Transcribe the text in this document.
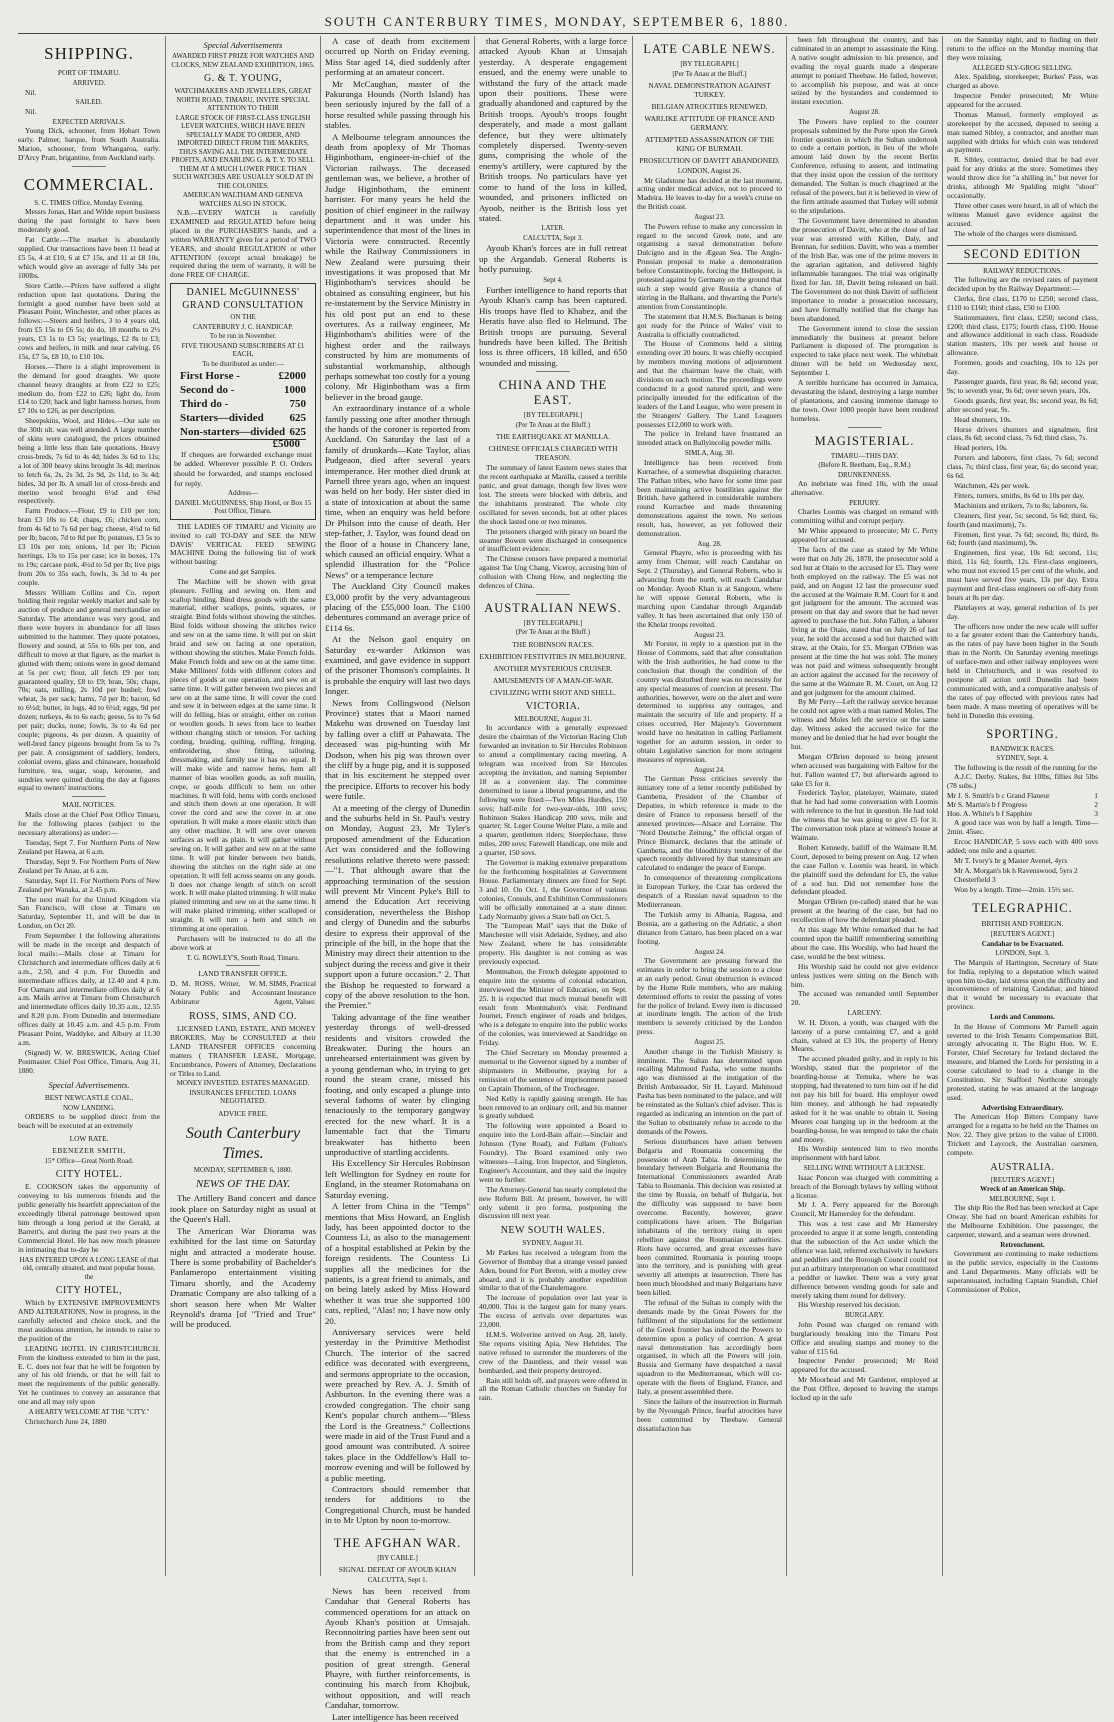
SOUTH CANTERBURY TIMES, MONDAY, SEPTEMBER 6, 1880.
SHIPPING.
PORT OF TIMARU.
ARRIVED.

Nil.

SAILED.

Nil.

EXPECTED ARRIVALS.

Young Dick, schooner, from Hobart Town early. Palmer, barque, from South Australia. Marion, schooner, from Whangaroa, early. D'Arcy Pratt, brigantine, from Auckland early.

COMMERCIAL.
S. C. TIMES Office, Monday Evening.

Messrs Jonas, Hart and Wilde report business during the past fortnight to have been moderately good.

Fat Cattle.—The market is abundantly supplied. Our transactions have been 11 head at £5 5s, 4 at £10, 6 at £7 15s, and 11 at £8 10s, which would give an average of fully 34s per 100lbs.

Store Cattle.—Prices have suffered a slight reduction upon last quotations. During the fortnight a good number have been sold at Pleasant Point, Winchester, and other places as follows:—Steers and heifers, 3 to 4 years old, from £5 15s to £6 5s; do do, 18 months to 2½ years, £3 1s to £3 5s; yearlings, £2 8s to £3; cows and heifers, in milk and near calving, £6 15s, £7 5s, £8 10, to £10 10s.

Horses.—There is a slight improvement in the demand for good draughts. We quote channel heavy draughts at from £22 to £25; medium do, from £22 to £26; light do, from £14 to £20; hack and light harness horses, from £7 10s to £26, as per description.

Sheepskins, Wool, and Hides.—Our sale on the 30th ult. was well attended. A large number of skins were catalogued, the prices obtained being a little less than late quotations. Heavy cross-breds, 7s 6d to 4s 4d; hides 3s 6d to 11s; a lot of 300 heavy skins brought 3s 4d; merinos to fetch 6s, 2s, 2s 3d, 2s 9d, 2s 11d, to 3s 4d; hides, 3d per lb. A small lot of cross-breds and merino wool brought 6½d and 6⅝d respectively.

Farm Produce.—Flour, £9 to £10 per ton; bran £3 10s to £4; chaps, £6; chicken corn, from 4s 6d to 7s 6d per bag; cheese, 4½d to 6d per lb; bacon, 7d to 8d per lb; potatoes, £3 5s to £3 10s per ton; onions, 1d per lb; Picton herrings, 13s to 15s per case; ice in boxes, 17s to 19s; carcase pork, 4½d to 5d per lb; live pigs from 20s to 35s each, fowls, 3s 3d to 4s per couple.

Messrs William Collins and Co. report holding their regular weekly market and sale by auction of produce and general merchandise on Saturday. The attendance was very good, and there were buyers in abundance for all lines submitted to the hammer. They quote potatoes, flowery and sound, at 55s to 60s per ton, and difficult to move at that figure, as the market is glutted with them; onions were in good demand at 5s per cwt; flour, all fetch £9 per ton; guaranteed quality, £8 to £9; bran, 50s; chaps, 70s; oats, milling, 2s 10d per bushel; fowl wheat, 3s per sack; hams, 7d per lb; bacon, 6d to 6½d; butter, in lugs, 4d to 6½d; eggs, 9d per dozen; turkeys, 4s to 6s each; geese, 5s to 7s 6d per pair; ducks, none; fowls, 3s to 4s 6d per couple; pigeons, 4s per dozen. A quantity of well-bred fancy pigeons brought from 5s to 7s per pair. A consignment of saddlery, lenders, colonial ovens, glass and chinaware, household furniture, tea, sugar, soap, kerosene, and sundries were quitted during the day at figures equal to owners' instructions.

MAIL NOTICES.

Mails close at the Chief Post Office Timaru, for the following places (subject to the necessary alterations) as under:—

Tuesday, Sept 7. For Northern Ports of New Zealand per Hawea, at 6 a.m.

Thursday, Sept 9. For Northern Ports of New Zealand per Te Anau, at 6 a.m.

Saturday, Sept 11. For Northern Ports of New Zealand per Wanaka, at 2.45 p.m.

The next mail for the United Kingdom via San Francisco, will close at Timaru on Saturday, September 11, and will be due in London, on Oct 20.

From September 1 the following alterations will be made in the receipt and despatch of local mails:—Mails close at Timaru for Christchurch and intermediate offices daily at 6 a.m., 2.50, and 4 p.m. For Dunedin and intermediate offices daily, at 12.40 and 4 p.m. For Oamaru and intermediate offices daily at 6 a.m. Mails arrive at Timaru from Christchurch and intermediate offices daily 10.35 a.m., 12.55 and 8.20 p.m. From Dunedin and intermediate offices daily at 10.45 a.m. and 4.5 p.m. From Pleasant Point, Waddyke, and Albury at 11.30 a.m.

(Signed) W. W. BRESWICK, Acting Chief Postmaster. Chief Post Office, Timaru, Aug 31, 1880.

Special Advertisements.
BEST NEWCASTLE COAL,
NOW LANDING.

ORDERS to be supplied direct from the beach will be executed at an extremely

LOW RATE.
EBENEZER SMITH,
15* Office—Great North Road.
CITY HOTEL.

E. COOKSON takes the opportunity of conveying to his numerous friends and the public generally his heartfelt appreciation of the exceedingly liberal patronage bestowed upon him through a long period at the Gerald, at Barrett's, and during the past two years at the Commercial Hotel. He has now much pleasure in intimating that to-day he

HAS ENTERED UPON A LONG LEASE of that old, centrally situated, and most popular house, the
CITY HOTEL,

Which by EXTENSIVE IMPROVEMENTS AND ALTERATIONS, Now in progress, in the carefully selected and choice stock, and the most assiduous attention, he intends to raise to the position of the

LEADING HOTEL IN CHRISTCHURCH. From the kindness extended to him in the past, E. C. does not fear that he will be forgotten by any of his old friends, or that he will fail to meet the requirements of the public generally. Yet he continues to convey an assurance that one and all may rely upon

A HEARTY WELCOME AT THE "CITY."

Christchurch June 24, 1880

Special Advertisements
AWARDED FIRST PRIZE FOR WATCHES AND CLOCKS, NEW ZEALAND EXHIBITION, 1865.
G. & T. YOUNG,
WATCHMAKERS AND JEWELLERS, GREAT NORTH ROAD, TIMARU, INVITE SPECIAL ATTENTION TO THEIR
LARGE STOCK OF FIRST-CLASS ENGLISH LEVER WATCHES, WHICH HAVE BEEN SPECIALLY MADE TO ORDER, AND IMPORTED DIRECT FROM THE MAKERS, THUS SAVING ALL THE INTERMEDIATE PROFITS, AND ENABLING G. & T. Y. TO SELL THEM AT A MUCH LOWER PRICE THAN SUCH WATCHES ARE USUALLY SOLD AT IN THE COLONIES.
AMERICAN WALTHAM AND GENEVA WATCHES ALSO IN STOCK.

N.B.—EVERY WATCH is carefully EXAMINED and REGULATED before being placed in the PURCHASER'S hands, and a written WARRANTY given for a period of TWO YEARS, and should REGULATION or other ATTENTION (except actual breakage) be required during the term of warranty, it will be done FREE OF CHARGE.

DANIEL McGUINNESS'
GRAND CONSULTATION
ON THE
CANTERBURY J. C. HANDICAP.
To be run in November.
FIVE THOUSAND SUBSCRIBERS AT £1 EACH,
To be distributed as under:—
First Horse -	£2000
Second do -	1000
Third do -	750
Starters—divided 625
Non-starters—divided 625
£5000

If cheques are forwarded exchange must be added. Wherever possible P. O. Orders should be forwarded, and stamps enclosed for reply.

Address—
DANIEL McGUINNESS, Ship Hotel, or Box 15 Post Office, Timaru.

THE LADIES OF TIMARU and Vicinity are invited to call TO-DAY and SEE the NEW DAVIS' VERTICAL FEED SEWING MACHINE Doing the following list of work without basting:

Come and get Samples.

The Machine will be shown with great pleasure. Felling and sewing on. Hem and scallop binding. Bind dress goods with the same material, either scallops, points, squares, or straight. Bind folds without showing the stitches. Bind folds without showing the stitches twice and sew on at the same time. It will put on skirt braid and sew on facing at one operation, without showing the stitches. Make French folds. Make French folds and sew on at the same time. Make Milliners' folds with different colors and pieces of goods at one operation, and sew on at same time. It will gather between two pieces and sew on at the same time. It will cover the cord and sew it in between edges at the same time. It will do felling, bias or straight, either on cotton or woollen goods. It sews from lace to leather without changing stitch or tension. For tacking cording, braiding, quilting, ruffling, fringing, embroidering, shoe fitting, tailoring, dressmaking, and family use it has no equal. It will make wide and narrow hems, hem all manner of bias woollen goods, as soft muslin, crepe, or goods difficult to hem on other machines. It will fold, hems with cords enclosed and stitch them down at one operation. It will cover the cord and sew the cover in at one operation. It will make a more elastic stitch than any other machine. It will sew over uneven surfaces as well as plain. It will gather without sewing on. It will gather and sew on at the same time. It will put binder between two bands, showing the stitches on the right side at one operation. It will fell across seams on any goods. It does not change length of stitch on scroll work. It will make plaited trimming. It will make plaited trimming and sew on at the same time. It will make plaited trimming, either scalloped or straight. It will turn a hem and stitch on trimming at one operation.

Purchasers will be instructed to do all the above work at

T. G. ROWLEY'S, South Road, Timaru.
LAND TRANSFER OFFICE.
D. M. ROSS, Writer, Notary Public and Arbitrator
W. M. SIMS, Practical Accountant Insurance Agent, Valuer.
ROSS, SIMS, AND CO.

LICENSED LAND, ESTATE, AND MONEY BROKERS, May be CONSULTED at their LAND TRANSFER OFFICES concerning matters ( TRANSFER LEASE, Mortgage, Encumbrance, Powers of Attorney, Declarations or Titles to Land.

MONEY INVESTED. ESTATES MANAGED.
INSURANCES EFFECTED. LOANS NEGOTIATED.
ADVICE FREE.
South Canterbury Times.
MONDAY, SEPTEMBER 6, 1880.
NEWS OF THE DAY.

The Artillery Band concert and dance took place on Saturday night as usual at the Queen's Hall.

The American War Diorama was exhibited for the last time on Saturday night and attracted a moderate house. There is some probability of Bachelder's Panlameropo entertainment visiting Timaru shortly, and the Academy Dramatic Company are also talking of a short season here when Mr Walter Reynold's drama [of "Tried and True" will be produced.

A case of death from excitement occurred up North on Friday evening. Miss Star aged 14, died suddenly after performing at an amateur concert.

Mr McCaughan, master of the Pakuranga Hounds (North Island) has been seriously injured by the fall of a horse resulted while passing through his stables.

A Melbourne telegram announces the death from apoplexy of Mr Thomas Higinbotham, engineer-in-chief of the Victorian railways. The deceased gentleman was, we believe, a brother of Judge Higinbotham, the eminent barrister. For many years he held the position of chief engineer in the railway department and it was under his superintendence that most of the lines in Victoria were constructed. Recently while the Railway Commissioners in New Zealand were pursuing their investigations it was proposed that Mr Higinbotham's services should be obtained as consulting engineer, but his re-instatement by the Service Ministry in his old post put an end to these overtures. As a railway engineer, Mr Higinbotham's abilities were of the highest order and the railways constructed by him are monuments of substantial workmanship, although perhaps somewhat too costly for a young colony. Mr Higinbotham was a firm believer in the broad gauge.

An extraordinary instance of a whole family passing one after another through the hands of the coroner is reported from Auckland. On Saturday the last of a family of drunkards—Kate Taylor, alias Pudgeaon, died after several years intemperance. Her mother died drunk at Parnell three years ago, when an inquest was held on her body. Her sister died in a state of intoxication at about the same time, when an enquiry was held before Dr Philson into the cause of death. Her step-father, J. Taylor, was found dead on the floor of a house in Chancery lane, which caused an official enquiry. What a splendid illustration for the "Police News" or a temperance lecture

The Auckland City Council makes £3,000 profit by the very advantageous placing of the £55,000 loan. The £100 debentures command an average price of £114 6s.

At the Nelson gaol enquiry on Saturday ex-warder Atkinson was examined, and gave evidence in support of the prisoner Thomson's complaints. It is probable the enquiry will last two days longer.

News from Collingwood (Nelson Province) states that a Maori named Makehu was drowned on Tuesday last by falling over a cliff at Pahawata. The deceased was pig-hunting with Mr Dodson, when his pig was thrown over the cliff by a huge pig, and it is supposed that in his excitement he stepped over the precipice. Efforts to recover his body were futile.

At a meeting of the clergy of Dunedin and the suburbs held in St. Paul's vestry on Monday, August 23, Mr Tyler's proposed amendment of the Education Act was considered and the following resolutions relative thereto were passed:—"1. That although aware that the approaching termination of the session will prevent Mr Vincent Pyke's Bill to amend the Education Act receiving consideration, nevertheless the Bishop and clergy of Dunedin and the suburbs desire to express their approval of the principle of the bill, in the hope that the Ministry may direct their attention to the subject during the recess and give it their support upon a future occasion." 2. That the Bishop be requested to forward a copy of the above resolution to the hon. the Premier."

Taking advantage of the fine weather yesterday throngs of well-dressed residents and visitors crowded the Breakwater. During the hours an unrehearsed entertainment was given by a young gentleman who, in trying to get round the steam crane, missed his footing, and only escaped a plunge into several fathoms of water by clinging tenaciously to the temporary gangway erected for the new wharf. It is a lamentable fact that the Timaru breakwater has hitherto been unproductive of startling accidents.

His Excellency Sir Hercules Robinson left Wellington for Sydney en route for England, in the steamer Rotomahana on Saturday evening.

A letter from China in the "Temps" mentions that Miss Howard, an English lady, has been appointed doctor to the Countess Li, as also to the management of a hospital established at Pekin by the foreign residents. The Countess Li supplies all the medicines for the patients, is a great friend to animals, and on being lately asked by Miss Howard whether it was true she supported 100 cats, replied, "Alas! no; I have now only 20.

Anniversary services were held yesterday in the Primitive Methodist Church. The interior of the sacred edifice was decorated with evergreens, and sermons appropriate to the occasion, were preached by Rev. A. J. Smith of Ashburton. In the evening there was a crowded congregation. The choir sang Kent's popular church anthem—"Bless the Lord is the Greatness." Collections were made in aid of the Trust Fund and a good amount was contributed. A soiree takes place in the Oddfellow's Hall to-morrow evening and will be followed by a public meeting.

Contractors should remember that tenders for additions to the Congregational Church, must be handed in to Mr Upton by noon to-morrow.

THE AFGHAN WAR.
[BY CABLE.]
SIGNAL DEFEAT OF AYOUB KHAN
CALCUTTA, Sept 1.

News has been received from Candahar that General Roberts has commenced operations for an attack on Ayoub Khan's position at Umsajah. Reconnoitring parties have been sent out from the British camp and they report that the enemy is entrenched in a position of great strength. General Phayre, with further reinforcements, is continuing his march from Khojbuk, without opposition, and will reach Candahar, tomorrow.

Later intelligence has been received

that General Roberts, with a large force attacked Ayoub Khan at Umsajah yesterday. A desperate engagement ensued, and the enemy were unable to withstand the fury of the attack made upon their positions. These were gradually abandoned and captured by the British troops. Ayoub's troops fought desperately, and made a most gallant defence, but they were ultimately completely dispersed. Twenty-seven guns, comprising the whole of the enemy's artillery, were captured by the British troops. No particulars have yet come to hand of the loss in killed, wounded, and prisoners inflicted on Ayoob, neither is the British loss yet stated.

LATER.
CALCUTTA, Sept 3.

Ayoub Khan's forces are in full retreat up the Argandab. General Roberts is hotly pursuing.

Sept 4.

Further intelligence to hand reports that Ayoub Khan's camp has been captured. His troops have fled to Khabez, and the Heratis have also fled to Helmund. The British troops are pursuing. Several hundreds have been killed. The British loss is three officers, 18 killed, and 650 wounded and missing.

CHINA AND THE EAST.
[BY TELEGRAPH.]
(Per Te Anau at the Bluff.)
THE EARTHQUAKE AT MANILLA.
CHINESE OFFICIALS CHARGED WITH TREASON.

The summary of latest Eastern news states that the recent earthquake at Manilla, caused a terrible panic, and great damage, though few lives were lost. The streets were blocked with débris, and the inhabitants prostrated. The whole city oscillated for seven seconds, but at other places the shock lasted one or two minutes.

The prisoners charged with piracy on board the steamer Bowen were discharged in consequence of insufficient evidence.

The Chinese censors have prepared a memorial against Tse Ung Chang, Viceroy, accusing him of collusion with Chung How, and neglecting the defences of China.

AUSTRALIAN NEWS.
[BY TELEGRAPH.]
(Per Te Anau at the Bluff.)
THE ROBINSON RACES.
EXHIBITION FESTIVITIES IN MELBOURNE.
ANOTHER MYSTERIOUS CRUISER.
AMUSEMENTS OF A MAN-OF-WAR.
CIVILIZING WITH SHOT AND SHELL.
VICTORIA.
MELBOURNE, August 31.

In accordance with a generally expressed desire the chairman of the Victorian Racing Club forwarded an invitation to Sir Hercules Robinson to attend a complimentary racing meeting. A telegram was received from Sir Hercules accepting the invitation, and naming September 18 as a convenient day. The committee determined to issue a liberal programme, and the following were fixed:—Two Miles Hurdles, 150 sovs; half-mile for two-year-olds, 100 sovs; Robinson Stakes Handicap 200 sovs, mile and quarter; St. Leger Course Welter Plate, a mile and a quarter, gentlemen riders; Steeplechase, three miles, 200 sovs; Farewell Handicap, one mile and a quarter, 150 sovs.

The Governor is making extensive preparations for the forthcoming hospitalities at Government House. Parliamentary dinners are fixed for Sept. 3 and 10. On Oct. 1, the Governor of various colonies, Consuls, and Exhibition Commissioners will be officially entertained at a state dinner. Lady Normanby gives a State ball on Oct. 5.

The "European Mail" says that the Duke of Manchester will visit Adelaide, Sydney, and also New Zealand, where he has considerable property. His daughter is not coming as was previously expected.

Montmahon, the French delegate appointed to enquire into the systems of colonial education, interviewed the Minister of Education, on Sept. 25. It is expected that much mutual benefit will result from Montmahon's visit. Ferdinand Journet, French engineer of roads and bridges, who is a delegate to enquire into the public works of the colonies, was interviewed at Sandridge on Friday.

The Chief Secretary on Monday presented a memorial to the Governor signed by a number of shipmasters in Melbourne, praying for a remission of the sentence of imprisonment passed on Captain Thomson, of the Trocheagee.

Ned Kelly is rapidly gaining strength. He has been removed to an ordinary cell, and his manner is greatly subdued.

The following were appointed a Board to enquire into the Lord-Bain affair:—Sinclair and Johnson (Tyne Road), and Fullam (Fulton's Foundry). The Board examined only two witnesses—Laing, Iron Inspector, and Singleton, Engineer's Accountant, and they said the inquiry went no further.

The Attorney-General has nearly completed the new Reform Bill. At present, however, he will only submit it pro forma, postponing the discussion till next year.

NEW SOUTH WALES.
SYDNEY, August 31.

Mr Parkes has received a telegram from the Governor of Bombay that a strange vessel passed Aden, bound for Port Breton, with a motley crew aboard, and it is probably another expedition similar to that of the Chandernagore.

The increase of population over last year is 40,000. This is the largest gain for many years. The excess of arrivals over departures was 23,000.

H.M.S. Wolverine arrived on Aug. 28, lately. She reports visiting Apia, New Hebrides. The native refused to surrender the murderers of the crew of the Dauntless, and their vessel was bombarded, and their property destroyed.

Rain still holds off, and prayers were offered in all the Roman Catholic churches on Sunday for rain.

LATE CABLE NEWS.
[BY TELEGRAPH.]
[Per Te Anau at the Bluff.]
NAVAL DEMONSTRATION AGAINST TURKEY.
BELGIAN ATROCITIES RENEWED.
WARLIKE ATTITUDE OF FRANCE AND GERMANY.
ATTEMPTED ASSASSINATION OF THE KING OF BURMAH.
PROSECUTION OF DAVITT ABANDONED.
LONDON, August 26.

Mr Gladstone has decided at the last moment, acting under medical advice, not to proceed to Madeira. He leaves to-day for a week's cruise on the British coast.

August 23.

The Powers refuse to make any concession in regard to the second Greek note, and are organising a naval demonstration before Dulcigno and in the Ægean Sea. The Anglo-Prussian proposal to make a demonstration before Constantinople, forcing the Hellespont, is protested against by Germany on the ground that such a step would give Russia a chance of stirring in the Balkans, and thwarting the Porte's attention from Constantinople.

The statement that H.M.S. Buchanan is being got ready for the Prince of Wales' visit to Australia is officially contradicted.

The House of Commons held a sitting extending over 20 hours. It was chiefly occupied by members moving motions of adjournment and that the chairman leave the chair, with divisions on each motion. The proceedings were conducted in a good natured spirit, and were principally intended for the edification of the leaders of the Land League, who were present in the Strangers' Gallery. The Land Leaguers possesses £12,000 to work with.

The police in Ireland have frustrated an intended attack on Ballyincolig powder mills.

SIMLA, Aug. 30.

Intelligence has been received from Kurrachee, of a somewhat disquieting character. The Pathan tribes, who have for some time past been maintaining active hostilities against the British, have gathered in considerable numbers round Kurrachee and made threatening demonstrations against the town. No serious result, has, however, as yet followed their demonstration.

Aug. 28.

General Phayre, who is proceeding with his army from Chemur, will reach Candahar on Sept. 2 (Thursday), and General Roberts, who is advancing from the north, will reach Candahar on Monday. Ayoob Khan is at Sangoun, where he will oppose General Roberts, who is marching upon Candahar through Argandab valley. It has been ascertained that only 150 of the Khelat troops revolted.

August 23.

Mr Forster, in reply to a question put in the House of Commons, said that after consultation with the Irish authorities, he had come to the conclusion that though the condition of the country was disturbed there was no necessity for any special measures of coercion at present. The authorities, however, were on the alert and were determined to suppress any outrages, and maintain the security of life and property. If a crises occurred, Her Majesty's Government would have no hesitation in calling Parliament together for an autumn session, in order to obtain Legislative sanction for more stringent measures of repression.

August 24.

The German Press criticises severely the initiatory tone of a letter recently published by Gambetta, President of the Chamber of Deputies, in which reference is made to the desire of France to repossess herself of the annexed provinces—Alsace and Lorraine. The "Nord Deutsche Zeitung," the official organ of Prince Bismarck, declares that the attitude of Gambetta, and the bloodthirsty tendency of the speech recently delivered by that statesman are calculated to endanger the peace of Europe.

In consequence of threatening complications in European Turkey, the Czar has ordered the despatch of a Russian naval squadron to the Mediterranean.

The Turkish army in Albania, Ragusa, and Bosnia, are a gathering on the Adriatic, a short distance from Cattaro, has been placed on a war footing.

August 24.

The Government are pressing forward the estimates in order to bring the session to a close at an early period. Great obstruction is evinced by the Home Rule members, who are making determined efforts to resist the passing of votes for the police of Ireland. Every item is discussed at inordinate length. The action of the Irish members is severely criticised by the London press.

August 25.

Another change in the Turkish Ministry is imminent. The Sultan has determined upon recalling Mahmoud Pasha, who some months ago was dismissed at the instigation of the British Ambassador, Sir H. Layard. Mahmoud Pasha has been nominated to the palace, and will be reinstated as the Sultan's chief adviser. This is regarded as indicating an intention on the part of the Sultan to obstinately refuse to accede to the demands of the Powers.

Serious disturbances have arisen between Bulgaria and Roumania concerning the possession of Arab Tabia. In determining the boundary between Bulgaria and Roumania the International Commissioners awarded Arab Tabia to Roumania. This decision was resisted at the time by Russia, on behalf of Bulgaria, but the difficulty was supposed to have been overcome. Recently, however, grave complications have arisen. The Bulgarian inhabitants of the territory rising in open rebellion against the Roumanian authorities. Riots have occurred, and great excesses have been committed. Roumania is pouring troops into the territory, and is punishing with great severity all attempts at insurrection. There has been much bloodshed and many Bulgarians have been killed.

The refusal of the Sultan to comply with the demands made by the Great Powers for the fulfilment of the stipulations for the settlement of the Greek frontier has induced the Powers to determine upon a policy of coercion. A great naval demonstration has accordingly been organised, in which all the Powers will join. Russia and Germany have despatched a naval squadron to the Mediterranean, which will co-operate with the fleets of England, France, and Italy, at present assembled there.

Since the failure of the insurrection in Burmah by the Nyoungah Prince, fearful atrocities have been committed by Theebaw. General dissatisfaction has

been felt throughout the country, and has culminated in an attempt to assassinate the King. A native sought admission to his presence, and evading the royal guards made a desperate attempt to poniard Theebaw. He failed, however, to accomplish his purpose, and was at once seized by the bystanders and condemned to instant execution.

August 28.

The Powers have replied to the counter proposals submitted by the Porte upon the Greek frontier question in which the Sultan undertook to cede a certain portion, in lieu of the whole amount laid down by the recent Berlin Conference, refusing to assent, and intimating that they insist upon the cession of the territory demanded. The Sultan is much chagrined at the refusal of the powers, but it is believed in view of the firm attitude assumed that Turkey will submit to the stipulations.

The Government have determined to abandon the prosecution of Davitt, who at the close of last year was arrested with Killen, Daly, and Brennan, for sedition. Davitt, who was a member of the Irish Bar, was one of the prime movers in the agrarian agitation, and delivered highly inflammable harangues. The trial was originally fixed for Jan. 18, Davitt being released on bail. The Government do not think Davitt of sufficient importance to render a prosecution necessary, and have formally notified that the charge has been abandoned.

The Government intend to close the session immediately the business at present before Parliament is disposed of. The prorogation is expected to take place next week. The whitebait dinner will be held on Wednesday next, September 1.

A terrible hurricane has occurred in Jamaica, devastating the island, destroying a large number of plantations, and causing immense damage to the town. Over 1000 people have been rendered homeless.

MAGISTERIAL.
TIMARU—THIS DAY.
(Before R. Beetham, Esq., R.M.)
DRUNKENNESS.

An inebriate was fined 10s, with the usual alternative.

PERJURY.

Charles Loomis was charged on remand with committing wilful and corrupt perjury.

Mr White appeared to prosecute; Mr C. Perry appeared for accused.

The facts of the case as stated by Mr White were that on July 26, 1878, the prosecutor sold a sod hut at Otaio to the accused for £5. They were both employed on the railway. The £5 was not paid, and on August 12 last the prosecutor sued the accused at the Waimate R.M. Court for it and got judgment for the amount. The accused was present on that day and swore that he had never agreed to purchase the hut. John Fallon, a laborer living at the Otaio, stated that on July 26 of last year, he sold the accused a sod hut thatched with straw, at the Otaio, for £5. Morgan O'Brien was present at the time the hut was sold. The money was not paid and witness subsequently brought an action against the accused for the recovery of the same at the Waimate R. M. Court, on Aug 12 and got judgment for the amount claimed.

By Mr Perry—Left the railway service because he could not agree with a man named Moles. The witness and Moles left the service on the same day. Witness asked the accused twice for the money and he denied that he had ever bought the hut.

Morgan O'Brien deposed to being present when accused was bargaining with Fallow for the hut. Fallon wanted £7, but afterwards agreed to take £5 for it.

Frederick Taylor, platelayer, Waimate, stated that he had had some conversation with Loomis with reference to the hut in question. He had told the witness that he was going to give £5 for it. The conversation took place at witness's house at Waimate.

Robert Kennedy, bailiff of the Waimate R.M. Court, deposed to being present on Aug. 12 when the case Fallon v. Loomis was heard, in which the plaintiff sued the defendant for £5, the value of a sod hut. Did not remember how the defendant pleaded.

Morgan O'Brien (re-called) stated that he was present at the hearing of the case, but had no recollection of how the defendant pleaded.

At this stage Mr White remarked that he had counted upon the bailiff remembering something about the case. His Worship, who had heard the case, would be the best witness.

His Worship said he could not give evidence unless justices were sitting on the Bench with him.

The accused was remanded until September 20.

LARCENY.

W. H. Dixon, a youth, was charged with the larceny of a purse containing £7, and a gold chain, valued at £3 10s, the property of Henry Meares.

The accused pleaded guilty, and in reply to his Worship, stated that the proprietor of the boarding-house at Temuka, where he was stopping, had threatened to turn him out if he did not pay his bill for board. His employer owed him money, and although he had repeatedly asked for it he was unable to obtain it. Seeing Meares coat hanging up in the bedroom at the boarding-house, he was tempted to take the chain and money.

His Worship sentenced him to two months imprisonment with hard labor.

SELLING WINE WITHOUT A LICENSE.

Isaac Poncon was charged with committing a breach of the Borough bylaws by selling without a license.

Mr J. A. Perry appeared for the Borough Council, Mr Hamersley for the defendant.

This was a test case and Mr Hamersley proceeded to argue it at some length, contending that the subsection of the Act under which the offence was laid, referred exclusively to hawkers and peddlers and the Borough Council could not put an arbitrary interpretation on what constituted a peddler or hawker. There was a very great difference between vending goods for sale and merely taking them round for delivery.

His Worship reserved his decision.

BURGLARY.

John Pound was charged on remand with burglariously breaking into the Timaru Post Office and stealing stamps and money to the value of £15 6d.

Inspector Pender prosecuted; Mr Reid appeared for the accused.

Mr Moorhead and Mr Gardener, employed at the Post Office, deposed to leaving the stamps locked up in the safe

on the Saturday night, and to finding on their return to the office on the Monday morning that they were missing.

ALLEGED SLY-GROG SELLING.

Alex. Spalding, storekeeper, Burkes' Pass, was charged as above.

Inspector Pender prosecuted; Mr White appeared for the accused.

Thomas Manuel, formerly employed as storekeeper by the accused, deposed to seeing a man named Sibley, a contractor, and another man supplied with drinks for which coin was tendered as payment.

R. Sibley, contractor, denied that he had ever paid for any drinks at the store. Sometimes they would throw dice for "a shilling in," but never for drinks, although Mr Spalding might "shout" occasionally.

Three other cases were heard, in all of which the witness Manuel gave evidence against the accused.

The whole of the charges were dismissed.

SECOND EDITION
RAILWAY REDUCTIONS.

The following are the revised rates of payment decided upon by the Railway Department:—

Clerks, first class, £170 to £250; second class, £110 to £160; third class, £50 to £100.

Stationmasters, first class, £250; second class, £200; third class, £175; fourth class, £100. House and allowance additional in each class. Roadside station masters, 10s per week and house or allowance.

Foremen, goods and coaching, 10s to 12s per day.

Passenger guards, first year, 8s 6d; second year, 9s; to seventh year, 9s 6d; over seven years, 10s.

Goods guards, first year, 8s; second year, 8s 6d; after second year, 9s.

Head shunters, 10s.

Horse drivers shunters and signalmen, first class, 8s 6d; second class, 7s 6d; third class, 7s.

Head porters, 10s.

Porters and laborers, first class, 7s 6d; second class, 7s; third class, first year, 6s; do second year, 6s 6d.

Watchmen, 42s per week.

Fitters, turners, smiths, 8s 6d to 10s per day.

Machinists and strikers, 7s to 8s; laborers, 6s.

Cleaners, first year, 5s; second, 5s 6d; third, 6s; fourth (and maximum), 7s.

Firemen, first year, 7s 6d; second, 8s; third, 8s 6d; fourth (and maximum), 9s.

Enginemen, first year, 10s 6d; second, 11s; third, 11s 6d; fourth, 12s. First-class engineers, who must not exceed 15 per cent of the whole, and must have served five years, 13s per day. Extra payment and first-class engineers on off-duty from hours at 8s per day.

Platelayers at way, general reduction of 1s per day.

The officers now under the new scale will suffer to a far greater extent than the Canterbury hands, as the rates of pay have been higher in the South than in the North. On Saturday evening meetings of surface-men and other railway employees were held in Christchurch, and it was resolved to postpone all action until Dunedin had been communicated with, and a comparative analysis of the rates of pay effected with previous rates had been made. A mass meeting of operatives will be held in Dunedin this evening.

SPORTING.
RANDWICK RACES.
SYDNEY, Sept. 4.

The following is the result of the running for the

A.J.C. Derby. Stakes, 8st 10lbs, fillies 8st 5lbs (78 subs.)

Mr J. S. Smith's b c Grand Flaneur	1
Mr S. Martin's b f Progress	2
Hon. A. White's b f Sapphire	3

A good race was won by half a length. Time—2min. 45sec.

Ercoc HANDICAP, 5 sovs each with 400 sovs added; one mile and a quarter.

Mr T. Ivory's br g Master Avenel, 4yrs

Mr A. Morgan's bk h Ravenswood, 5yrs 2

Chesterfield 3

Won by a length. Time—2min. 15½ sec.

TELEGRAPHIC.
BRITISH AND FOREIGN.
[REUTER'S AGENT.]
Candahar to be Evacuated.
LONDON, Sept. 3.

The Marquis of Hartington, Secretary of State for India, replying to a deputation which waited upon him to-day, laid stress upon the difficulty and inconvenience of retaining Candahar, and hinted that it would be necessary to evacuate that province.

Lords and Commons.

In the House of Commons Mr Parnell again reverted to the Irish Tenants Compensation Bill, strongly advocating it. The Right Hon. W. E. Forster, Chief Secretary for Ireland declared the measure, and blamed the Lords for persisting in a course calculated to lead to a change in the Constitution. Sir Stafford Northcote strongly protested, stating he was amazed at the language used.

Advertising Extraordinary.

The American Hop Bitters Company have arranged for a regatta to be held on the Thames on Nov. 22. They give prizes to the value of £1000. Trickett and Laycock, the Australian oarsmen, compete.

AUSTRALIA.
[REUTER'S AGENT.]
Wreck of an American Ship.
MELBOURNE, Sept 1.

The ship Rio the Red has been wrecked at Cape Otway. She had on board American exhibits for the Melbourne Exhibition. One passenger, the carpenter, steward, and a seaman were drowned.

Retrenchment.

Government are continuing to make reductions in the public service, especially in the Customs and Land Departments. Many officials will be superannuated, including Captain Standish, Chief Commissioner of Police,
